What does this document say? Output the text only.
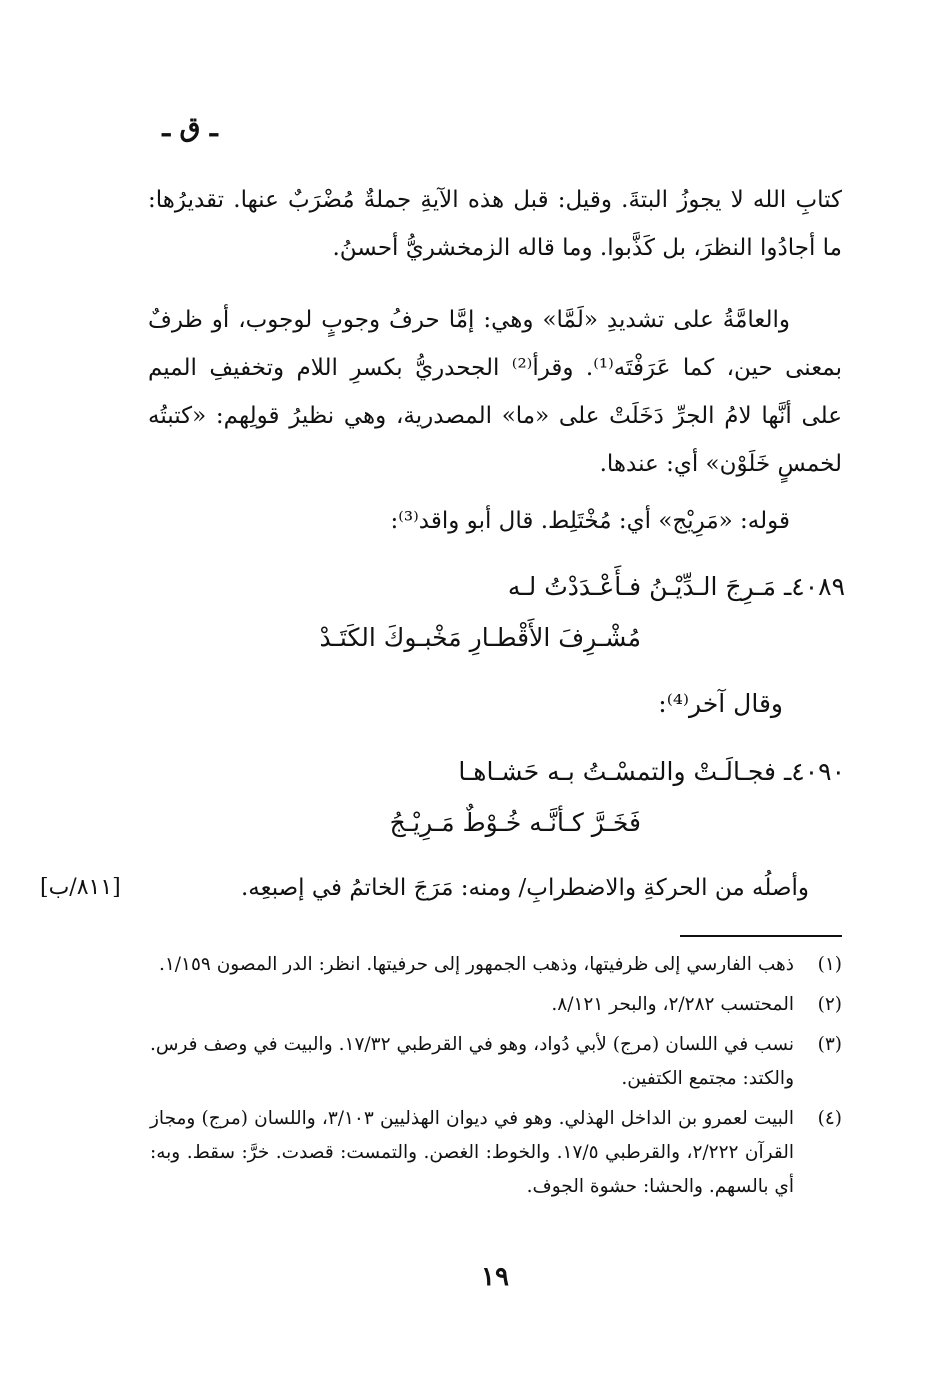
ـ ق ـ
كتابِ الله لا يجوزُ البتةَ. وقيل: قبل هذه الآيةِ جملةٌ مُضْرَبٌ عنها. تقديرُها: ما أجادُوا النظرَ، بل كَذَّبوا. وما قاله الزمخشريُّ أحسنُ.
والعامَّةُ على تشديدِ «لَمَّا» وهي: إمَّا حرفُ وجوبٍ لوجوب، أو ظرفٌ بمعنى حين، كما عَرَفْتَه⁽¹⁾. وقرأ⁽²⁾ الجحدريُّ بكسرِ اللام وتخفيفِ الميم على أنَّها لامُ الجرِّ دَخَلَتْ على «ما» المصدرية، وهي نظيرُ قولِهم: «كتبتُه لخمسٍ خَلَوْن» أي: عندها.
قوله: «مَرِيْج» أي: مُخْتَلِط. قال أبو واقد⁽³⁾:
٤٠٨٩ـ مَـرِجَ الـدِّيْـنُ فـأَعْـدَدْتُ لـه
مُشْـرِفَ الأَقْطـارِ مَخْبـوكَ الكَتَـدْ
وقال آخر⁽⁴⁾:
٤٠٩٠ـ فجـالَـتْ والتمسْـتُ بـه حَشـاهـا
فَخَـرَّ كـأنَّـه خُـوْطٌ مَـرِيْـجُ
وأصلُه من الحركةِ والاضطرابِ/ ومنه: مَرَجَ الخاتمُ في إصبعِه.
[٨١١/ب]
(١)
ذهب الفارسي إلى ظرفيتها، وذهب الجمهور إلى حرفيتها. انظر: الدر المصون ١/١٥٩.
(٢)
المحتسب ٢/٢٨٢، والبحر ٨/١٢١.
(٣)
نسب في اللسان (مرج) لأبي دُواد، وهو في القرطبي ١٧/٣٢. والبيت في وصف فرس. والكتد: مجتمع الكتفين.
(٤)
البيت لعمرو بن الداخل الهذلي. وهو في ديوان الهذليين ٣/١٠٣، واللسان (مرج) ومجاز القرآن ٢/٢٢٢، والقرطبي ١٧/٥. والخوط: الغصن. والتمست: قصدت. خرَّ: سقط. وبه: أي بالسهم. والحشا: حشوة الجوف.
١٩
